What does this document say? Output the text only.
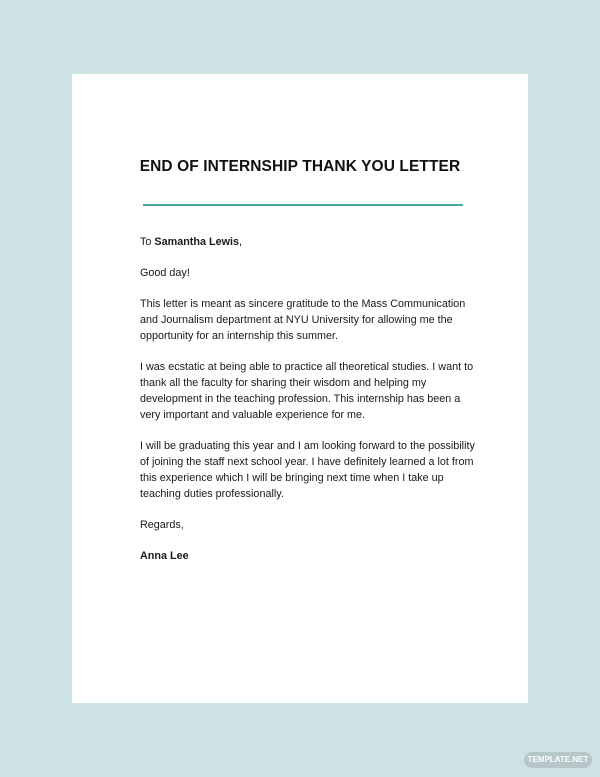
END OF INTERNSHIP THANK YOU LETTER

To Samantha Lewis,

Good day!

This letter is meant as sincere gratitude to the Mass Communication and Journalism department at NYU University for allowing me the opportunity for an internship this summer.

I was ecstatic at being able to practice all theoretical studies. I want to thank all the faculty for sharing their wisdom and helping my development in the teaching profession. This internship has been a very important and valuable experience for me.

I will be graduating this year and I am looking forward to the possibility of joining the staff next school year. I have definitely learned a lot from this experience which I will be bringing next time when I take up teaching duties professionally.

Regards,

Anna Lee

TEMPLATE.NET
